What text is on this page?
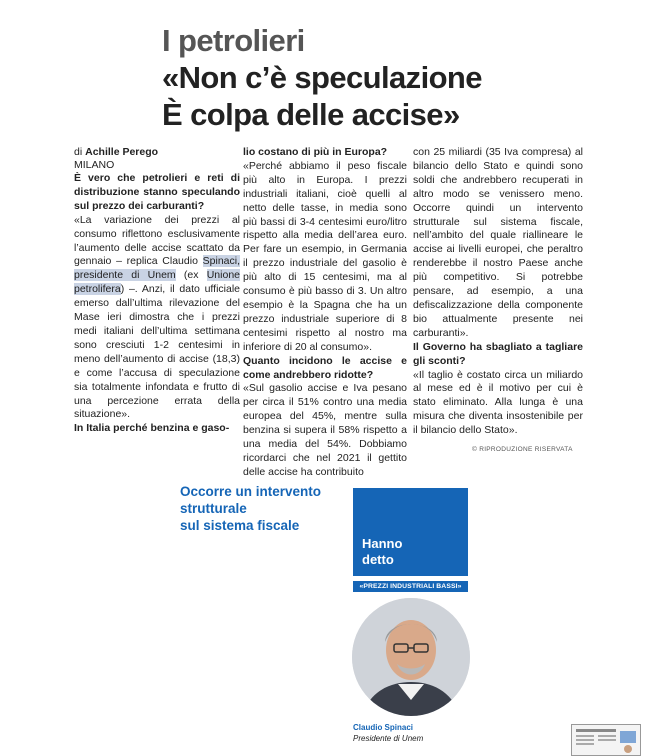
I petrolieri
«Non c’è speculazione
È colpa delle accise»
di Achille Perego
MILANO

È vero che petrolieri e reti di distribuzione stanno speculando sul prezzo dei carburanti?

«La variazione dei prezzi al consumo riflettono esclusivamente l’aumento delle accise scattato da gennaio – replica Claudio Spinaci, presidente di Unem (ex Unione petrolifera) –. Anzi, il dato ufficiale emerso dall’ultima rilevazione del Mase ieri dimostra che i prezzi medi italiani dell’ultima settimana sono cresciuti 1-2 centesimi in meno dell’aumento di accise (18,3) e come l’accusa di speculazione sia totalmente infondata e frutto di una percezione errata della situazione».

In Italia perché benzina e gaso-

lio costano di più in Europa?

«Perché abbiamo il peso fiscale più alto in Europa. I prezzi industriali italiani, cioè quelli al netto delle tasse, in media sono più bassi di 3-4 centesimi euro/litro rispetto alla media dell’area euro. Per fare un esempio, in Germania il prezzo industriale del gasolio è più alto di 15 centesimi, ma al consumo è più basso di 3. Un altro esempio è la Spagna che ha un prezzo industriale superiore di 8 centesimi rispetto al nostro ma inferiore di 20 al consumo».

Quanto incidono le accise e come andrebbero ridotte?

«Sul gasolio accise e Iva pesano per circa il 51% contro una media europea del 45%, mentre sulla benzina si supera il 58% rispetto a una media del 54%. Dobbiamo ricordarci che nel 2021 il gettito delle accise ha contribuito

con 25 miliardi (35 Iva compresa) al bilancio dello Stato e quindi sono soldi che andrebbero recuperati in altro modo se venissero meno. Occorre quindi un intervento strutturale sul sistema fiscale, nell’ambito del quale riallineare le accise ai livelli europei, che peraltro renderebbe il nostro Paese anche più competitivo. Si potrebbe pensare, ad esempio, a una defiscalizzazione della componente bio attualmente presente nei carburanti».

Il Governo ha sbagliato a tagliare gli sconti?

«Il taglio è costato circa un miliardo al mese ed è il motivo per cui è stato eliminato. Alla lunga è una misura che diventa insostenibile per il bilancio dello Stato».

© RIPRODUZIONE RISERVATA
Occorre un intervento
strutturale
sul sistema fiscale
Hanno
detto
«PREZZI INDUSTRIALI BASSI»
Claudio Spinaci
Presidente di Unem
